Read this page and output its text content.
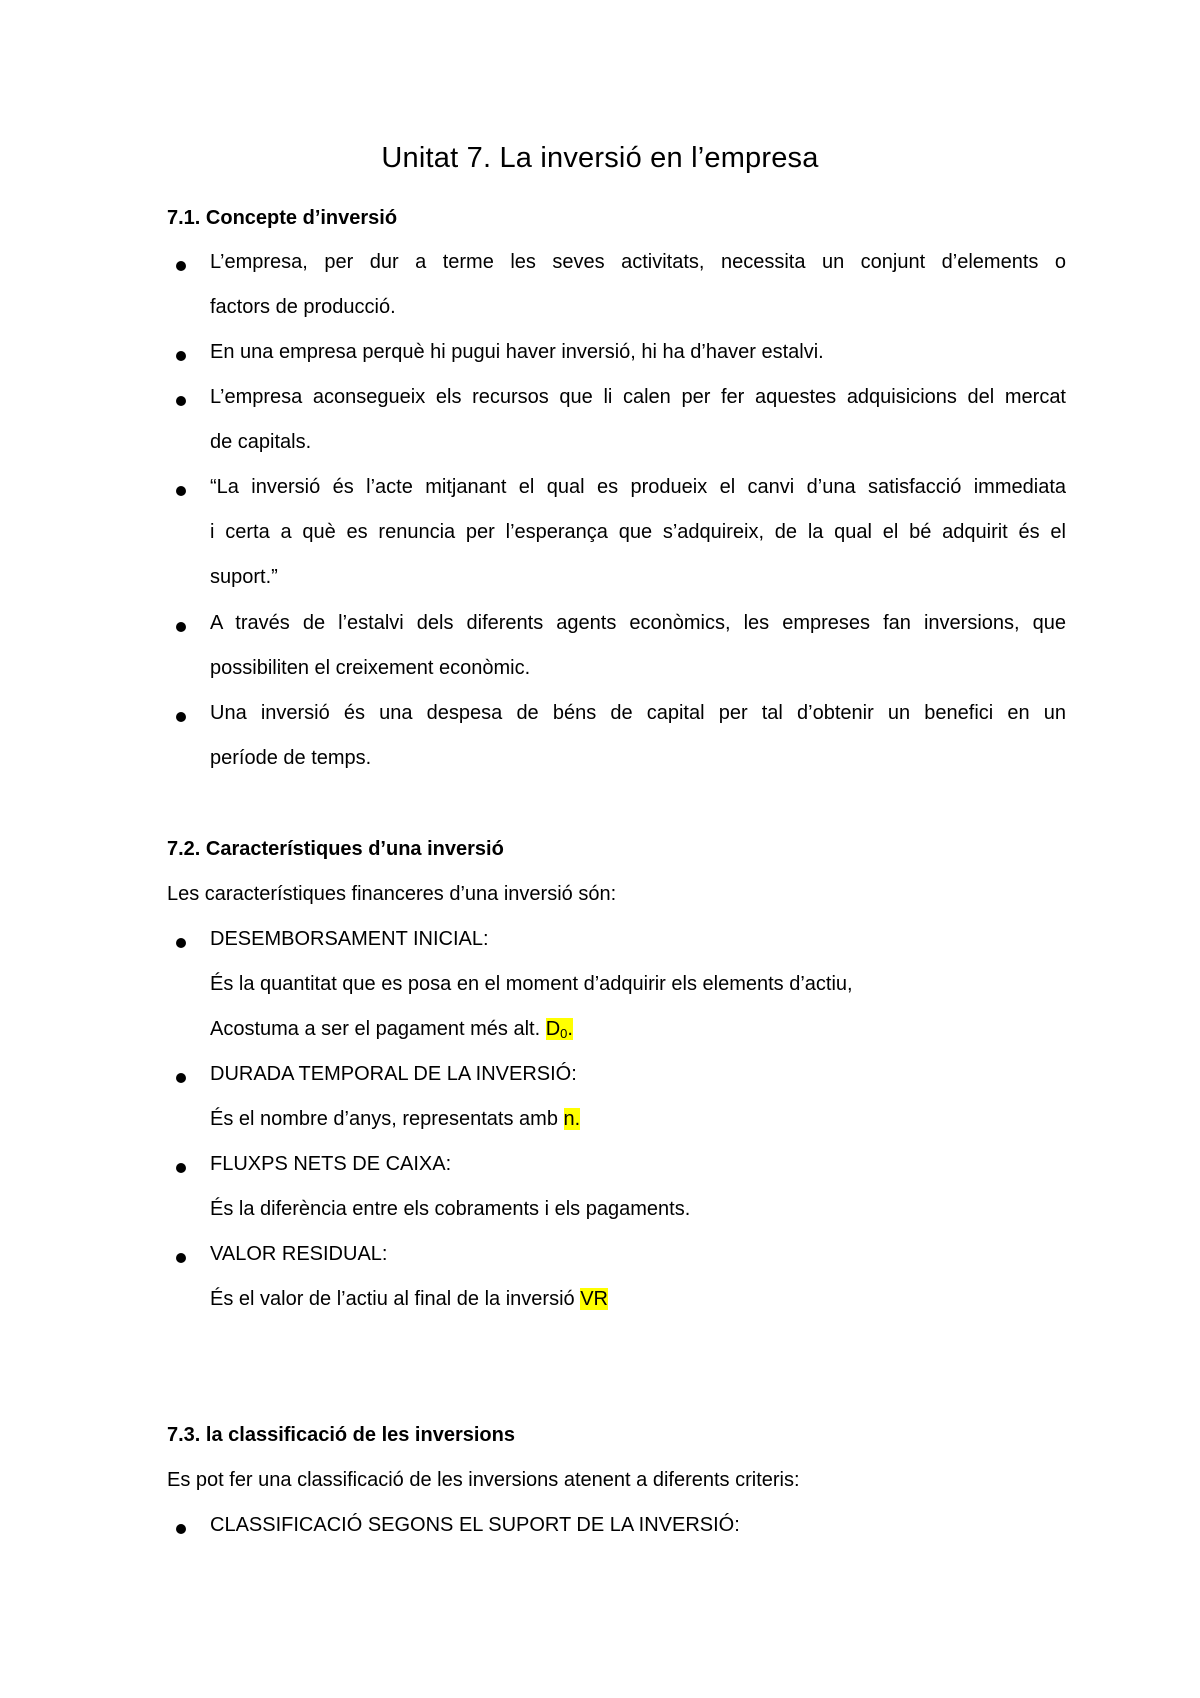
Unitat 7. La inversió en l’empresa
7.1. Concepte d’inversió
L’empresa, per dur a terme les seves activitats, necessita un conjunt d’elements o
factors de producció.
En una empresa perquè hi pugui haver inversió, hi ha d’haver estalvi.
L’empresa aconsegueix els recursos que li calen per fer aquestes adquisicions del mercat
de capitals.
“La inversió és l’acte mitjanant el qual es produeix el canvi d’una satisfacció immediata
i certa a què es renuncia per l’esperança que s’adquireix, de la qual el bé adquirit és el
suport.”
A través de l’estalvi dels diferents agents econòmics, les empreses fan inversions, que
possibiliten el creixement econòmic.
Una inversió és una despesa de béns de capital per tal d’obtenir un benefici en un
període de temps.
7.2. Característiques d’una inversió
Les característiques financeres d’una inversió són:
DESEMBORSAMENT INICIAL:
És la quantitat que es posa en el moment d’adquirir els elements d’actiu,
Acostuma a ser el pagament més alt. $D_0$.
DURADA TEMPORAL DE LA INVERSIÓ:
És el nombre d’anys, representats amb n.
FLUXPS NETS DE CAIXA:
És la diferència entre els cobraments i els pagaments.
VALOR RESIDUAL:
És el valor de l’actiu al final de la inversió VR
7.3. la classificació de les inversions
Es pot fer una classificació de les inversions atenent a diferents criteris:
CLASSIFICACIÓ SEGONS EL SUPORT DE LA INVERSIÓ:
